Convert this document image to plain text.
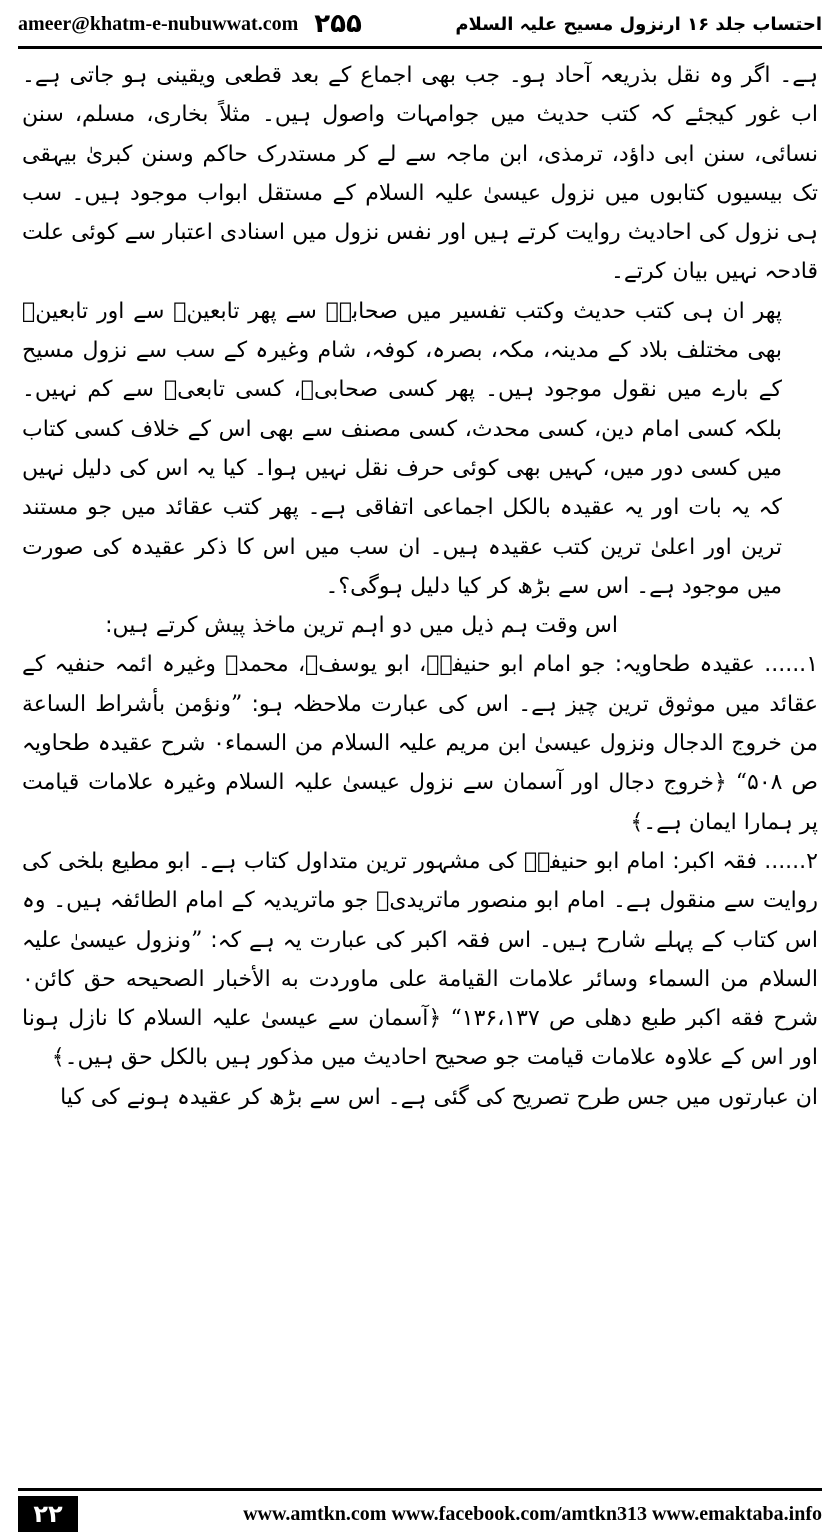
ameer@khatm-e-nubuwwat.com ۲۵۵	احتساب جلد ۱۶ ارنزول مسیح علیہ السلام

ہے۔ اگر وہ نقل بذریعہ آحاد ہو۔ جب بھی اجماع کے بعد قطعی ویقینی ہو جاتی ہے۔ اب غور کیجئے کہ کتب حدیث میں جوامہات واصول ہیں۔ مثلاً بخاری، مسلم، سنن نسائی، سنن ابی داؤد، ترمذی، ابن ماجہ سے لے کر مستدرک حاکم وسنن کبریٰ بیہقی تک بیسیوں کتابوں میں نزول عیسیٰ علیہ السلام کے مستقل ابواب موجود ہیں۔ سب ہی نزول کی احادیث روایت کرتے ہیں اور نفس نزول میں اسنادی اعتبار سے کوئی علت قادحہ نہیں بیان کرتے۔

پھر ان ہی کتب حدیث وکتب تفسیر میں صحابہؓ سے پھر تابعینؒ سے اور تابعینؒ بھی مختلف بلاد کے مدینہ، مکہ، بصرہ، کوفہ، شام وغیرہ کے سب سے نزول مسیح کے بارے میں نقول موجود ہیں۔ پھر کسی صحابیؓ، کسی تابعیؒ سے کم نہیں۔ بلکہ کسی امام دین، کسی محدث، کسی مصنف سے بھی اس کے خلاف کسی کتاب میں کسی دور میں، کہیں بھی کوئی حرف نقل نہیں ہوا۔ کیا یہ اس کی دلیل نہیں کہ یہ بات اور یہ عقیدہ بالکل اجماعی اتفاقی ہے۔ پھر کتب عقائد میں جو مستند ترین اور اعلیٰ ترین کتب عقیدہ ہیں۔ ان سب میں اس کا ذکر عقیدہ کی صورت میں موجود ہے۔ اس سے بڑھ کر کیا دلیل ہوگی؟۔

اس وقت ہم ذیل میں دو اہم ترین ماخذ پیش کرتے ہیں:

۱...... عقیدہ طحاویہ: جو امام ابو حنیفہؒ، ابو یوسفؒ، محمدؒ وغیرہ ائمہ حنفیہ کے عقائد میں موثوق ترین چیز ہے۔ اس کی عبارت ملاحظہ ہو: ”ونؤمن بأشراط الساعة من خروج الدجال ونزول عیسیٰ ابن مریم علیہ السلام من السماء۰ شرح عقیدہ طحاویہ ص ۵۰۸“ ﴿خروج دجال اور آسمان سے نزول عیسیٰ علیہ السلام وغیرہ علامات قیامت پر ہمارا ایمان ہے۔﴾

۲...... فقہ اکبر: امام ابو حنیفہؒ کی مشہور ترین متداول کتاب ہے۔ ابو مطیع بلخی کی روایت سے منقول ہے۔ امام ابو منصور ماتریدیؒ جو ماتریدیہ کے امام الطائفہ ہیں۔ وہ اس کتاب کے پہلے شارح ہیں۔ اس فقہ اکبر کی عبارت یہ ہے کہ: ”ونزول عیسیٰ علیہ السلام من السماء وسائر علامات القیامة علی ماوردت به الأخبار الصحیحه حق کائن۰ شرح فقه اکبر طبع دهلی ص ۱۳۶،۱۳۷“ ﴿آسمان سے عیسیٰ علیہ السلام کا نازل ہونا اور اس کے علاوہ علامات قیامت جو صحیح احادیث میں مذکور ہیں بالکل حق ہیں۔﴾

ان عبارتوں میں جس طرح تصریح کی گئی ہے۔ اس سے بڑھ کر عقیدہ ہونے کی کیا

۲۲	www.amtkn.com www.facebook.com/amtkn313 www.emaktaba.info
